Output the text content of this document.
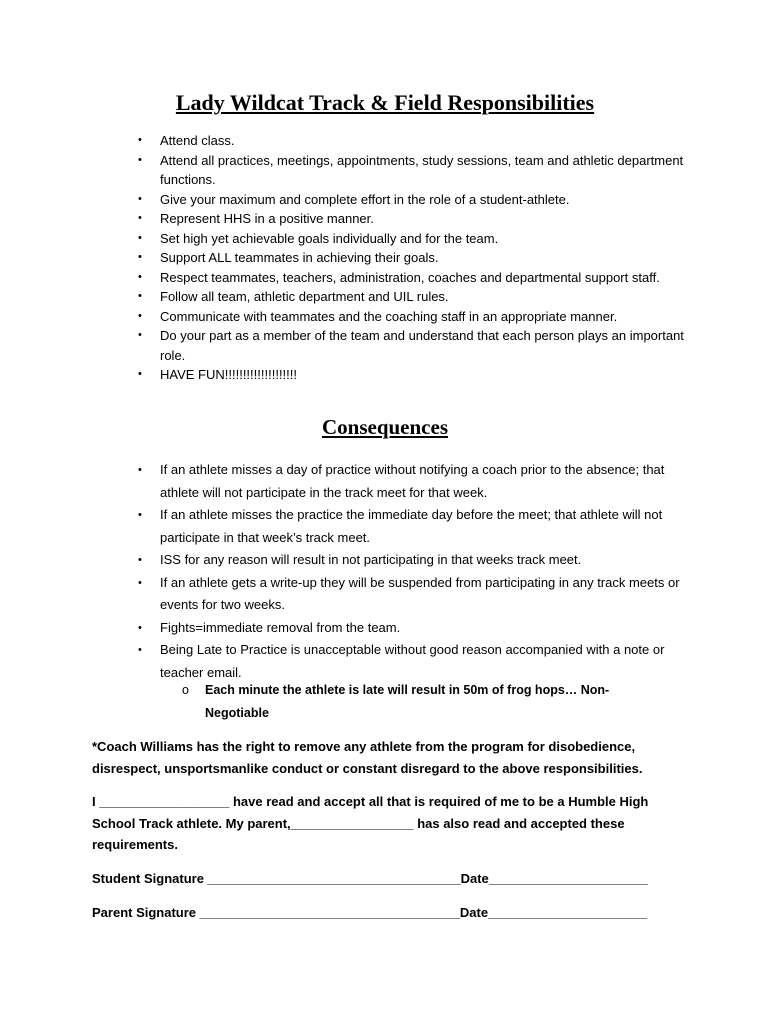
Lady Wildcat Track & Field Responsibilities
• Attend class.
• Attend all practices, meetings, appointments, study sessions, team and athletic department functions.
• Give your maximum and complete effort in the role of a student-athlete.
• Represent HHS in a positive manner.
• Set high yet achievable goals individually and for the team.
• Support ALL teammates in achieving their goals.
• Respect teammates, teachers, administration, coaches and departmental support staff.
• Follow all team, athletic department and UIL rules.
• Communicate with teammates and the coaching staff in an appropriate manner.
• Do your part as a member of the team and understand that each person plays an important role.
• HAVE FUN!!!!!!!!!!!!!!!!!!!!
Consequences
• If an athlete misses a day of practice without notifying a coach prior to the absence; that athlete will not participate in the track meet for that week.
• If an athlete misses the practice the immediate day before the meet; that athlete will not participate in that week’s track meet.
• ISS for any reason will result in not participating in that weeks track meet.
• If an athlete gets a write-up they will be suspended from participating in any track meets or events for two weeks.
• Fights=immediate removal from the team.
• Being Late to Practice is unacceptable without good reason accompanied with a note or teacher email.
o Each minute the athlete is late will result in 50m of frog hops… Non-Negotiable

*Coach Williams has the right to remove any athlete from the program for disobedience, disrespect, unsportsmanlike conduct or constant disregard to the above responsibilities.

I __________________ have read and accept all that is required of me to be a Humble High School Track athlete. My parent,_________________ has also read and accepted these requirements.

Student Signature ___________________________________Date______________________
Parent Signature ____________________________________Date______________________
